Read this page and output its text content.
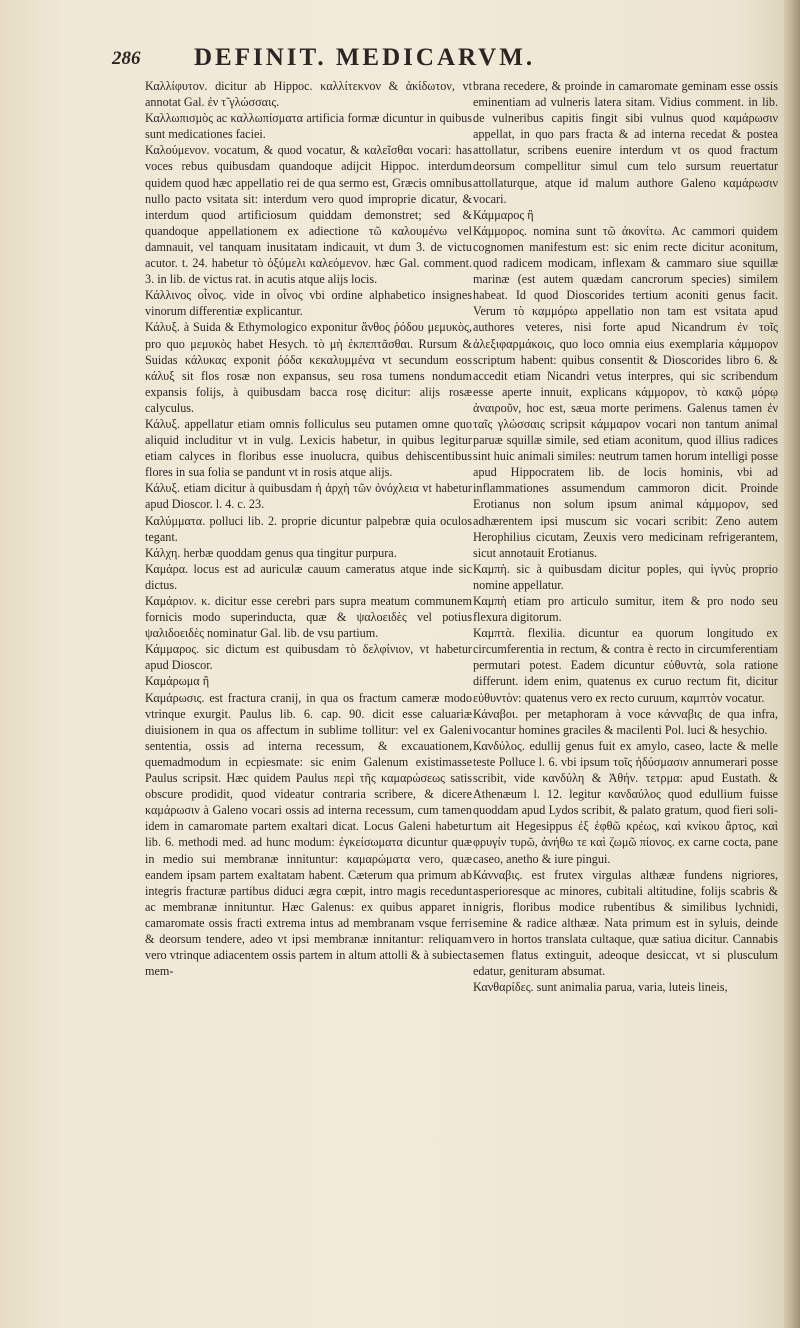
286 DEFINIT. MEDICARVM.

Καλλίφυτον. dicitur ab Hippoc. καλλίτεκνον & ἀκίδωτον, vt annotat Gal. ἐν τ̃ γλώσσαις.

Καλλωπισμὸς ac καλλωπίσματα artificia formæ dicuntur in quibus sunt medicationes faciei.

Καλούμενον. vocatum, & quod vocatur, & καλεῖσθαι vocari: has voces rebus quibusdam quandoque adijcit Hippoc. interdum quidem quod hæc appellatio rei de qua sermo est, Græcis omnibus nullo pacto vsitata sit: interdum vero quod improprie dicatur, & interdum quod artificiosum quiddam demonstret; sed & quandoque appellationem ex adiectione τῶ καλουμένω vel damnauit, vel tanquam inusitatam indicauit, vt dum 3. de victu acutor. t. 24. habetur τὸ ὀξύμελι καλεόμενον. hæc Gal. comment. 3. in lib. de victus rat. in acutis atque alijs locis.

Κάλλινος οἶνος. vide in οἶνος vbi ordine alphabetico insignes vinorum differentiæ explicantur.

Κάλυξ. à Suida & Ethymologico exponitur ἄνθος ῥόδου μεμυκὸς, pro quo μεμυκὸς habet Hesych. τὸ μὴ ἐκπεπτᾶσθαι. Rursum & Suidas κάλυκας exponit ῥόδα κεκαλυμμένα vt secundum eos κάλυξ sit flos rosæ non expansus, seu rosa tumens nondum expansis folijs, à quibusdam bacca rosę dicitur: alijs rosæ calyculus.

Κάλυξ. appellatur etiam omnis folliculus seu putamen omne quo aliquid includitur vt in vulg. Lexicis habetur, in quibus legitur etiam calyces in floribus esse inuolucra, quibus dehiscentibus flores in sua folia se pandunt vt in rosis atque alijs.

Κάλυξ. etiam dicitur à quibusdam ἡ ἀρχὴ τῶν ὀνόχλεια vt habetur apud Dioscor. l. 4. c. 23.

Καλύμματα. polluci lib. 2. proprie dicuntur palpebræ quia oculos tegant.

Κάλχη. herbæ quoddam genus qua tingitur purpura.

Καμάρα. locus est ad auriculæ cauum cameratus atque inde sic dictus.

Καμάριον. κ. dicitur esse cerebri pars supra meatum communem fornicis modo superinducta, quæ & ψαλοειδὲς vel potius ψαλιδοειδὲς nominatur Gal. lib. de vsu partium.

Κάμμαρος. sic dictum est quibusdam τὸ δελφίνιον, vt habetur apud Dioscor.

Καμάρωμα ἢ

Καμάρωσις. est fractura cranij, in qua os fractum cameræ modo vtrinque exurgit. Paulus lib. 6. cap. 90. dicit esse caluariæ diuisionem in qua os affectum in sublime tollitur: vel ex Galeni sententia, ossis ad interna recessum, & excauationem, quemadmodum in ecpiesmate: sic enim Galenum existimasse Paulus scripsit. Hæc quidem Paulus περὶ τῆς καμαρώσεως satis obscure prodidit, quod videatur contraria scribere, & dicere καμάρωσιν à Galeno vocari ossis ad interna recessum, cum tamen idem in camaromate partem exaltari dicat. Locus Galeni habetur lib. 6. methodi med. ad hunc modum: ἐγκείσωματα dicuntur quæ in medio sui membranæ innituntur: καμαρώματα vero, quæ eandem ipsam partem exaltatam habent. Cæterum qua primum ab integris fracturæ partibus diduci ægra cœpit, intro magis recedunt ac membranæ innituntur. Hæc Galenus: ex quibus apparet in camaromate ossis fracti extrema intus ad membranam vsque ferri & deorsum tendere, adeo vt ipsi membranæ innitantur: reliquam vero vtrinque adiacentem ossis partem in altum attolli & à subiecta mem-

brana recedere, & proinde in camaromate geminam esse ossis eminentiam ad vulneris latera sitam. Vidius comment. in lib. de vulneribus capitis fingit sibi vulnus quod καμάρωσιν appellat, in quo pars fracta & ad interna recedat & postea attollatur, scribens euenire interdum vt os quod fractum deorsum compellitur simul cum telo sursum reuertatur attollaturque, atque id malum authore Galeno καμάρωσιν vocari.

Κάμμαρος ἢ

Κάμμορος. nomina sunt τῶ ἀκονίτω. Ac cammori quidem cognomen manifestum est: sic enim recte dicitur aconitum, quod radicem modicam, inflexam & cammaro siue squillæ marinæ (est autem quædam cancrorum species) similem habeat. Id quod Dioscorides tertium aconiti genus facit. Verum τὸ καμμόρω appellatio non tam est vsitata apud authores veteres, nisi forte apud Nicandrum ἐν τοῖς ἀλεξιφαρμάκοις, quo loco omnia eius exemplaria κάμμορον scriptum habent: quibus consentit & Dioscorides libro 6. & accedit etiam Nicandri vetus interpres, qui sic scribendum esse aperte innuit, explicans κάμμορον, τὸ κακῷ μόρῳ ἀναιροῦν, hoc est, sæua morte perimens. Galenus tamen ἐν ταῖς γλώσσαις scripsit κάμμαρον vocari non tantum animal paruæ squillæ simile, sed etiam aconitum, quod illius radices sint huic animali similes: neutrum tamen horum intelligi posse apud Hippocratem lib. de locis hominis, vbi ad inflammationes assumendum cammoron dicit. Proinde Erotianus non solum ipsum animal κάμμορον, sed adhærentem ipsi muscum sic vocari scribit: Zeno autem Herophilius cicutam, Zeuxis vero medicinam refrigerantem, sicut annotauit Erotianus.

Καμπὴ. sic à quibusdam dicitur poples, qui ἰγνὺς proprio nomine appellatur.

Καμπὴ etiam pro articulo sumitur, item & pro nodo seu flexura digitorum.

Καμπτὰ. flexilia. dicuntur ea quorum longitudo ex circumferentia in rectum, & contra è recto in circumferentiam permutari potest. Eadem dicuntur εὐθυντὰ, sola ratione differunt. idem enim, quatenus ex curuo rectum fit, dicitur εὐθυντὸν: quatenus vero ex recto curuum, καμπτὸν vocatur.

Κάναβοι. per metaphoram à voce κάνναβις de qua infra, vocantur homines graciles & macilenti Pol. luci & hesychio.

Κανδύλος. edullij genus fuit ex amylo, caseo, lacte & melle teste Polluce l. 6. vbi ipsum τοῖς ἡδύσμασιν annumerari posse scribit, vide κανδύλη & Ἀθήν. τετρμα: apud Eustath. & Athenæum l. 12. legitur κανδαύλος quod edullium fuisse quoddam apud Lydos scribit, & palato gratum, quod fieri soli-tum ait Hegesippus ἐξ ἑφθῶ κρέως, καὶ κνίκου ἄρτος, καὶ φρυγίν τυρῶ, ἀνήθω τε καὶ ζωμῶ πίονος. ex carne cocta, pane caseo, anetho & iure pingui.

Κάνναβις. est frutex virgulas althææ fundens nigriores, asperioresque ac minores, cubitali altitudine, folijs scabris & nigris, floribus modice rubentibus & similibus lychnidi, semine & radice althææ. Nata primum est in syluis, deinde vero in hortos translata cultaque, quæ satiua dicitur. Cannabis semen flatus extinguit, adeoque desiccat, vt si plusculum edatur, genituram absumat.

Κανθαρίδες. sunt animalia parua, varia, luteis lineis,
